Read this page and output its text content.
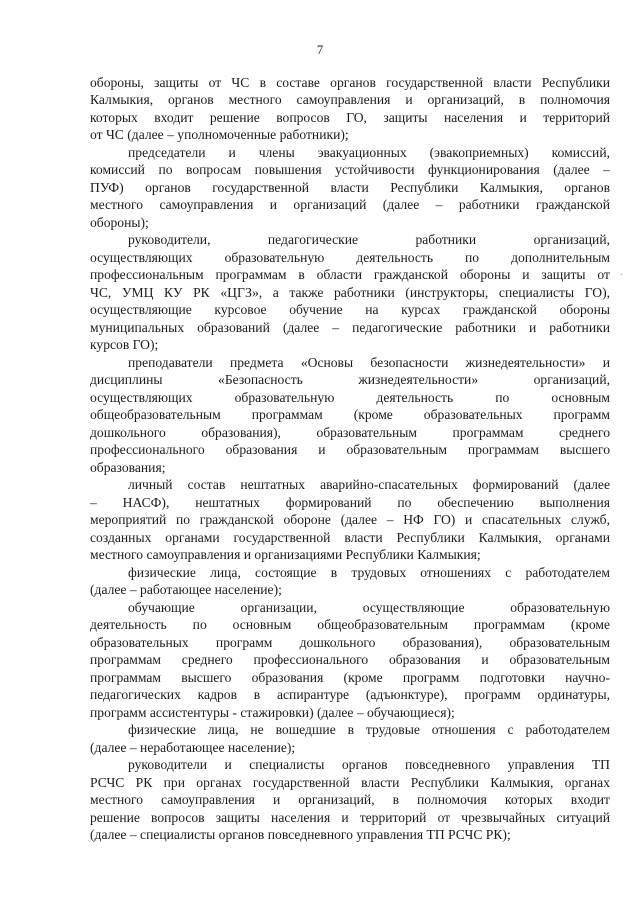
7
.
обороны, защиты от ЧС в составе органов государственной власти Республики
Калмыкия, органов местного самоуправления и организаций, в полномочия
которых входит решение вопросов ГО, защиты населения и территорий
от ЧС (далее – уполномоченные работники);
председатели и члены эвакуационных (эвакоприемных) комиссий,
комиссий по вопросам повышения устойчивости функционирования (далее –
ПУФ) органов государственной власти Республики Калмыкия, органов
местного самоуправления и организаций (далее – работники гражданской
обороны);
руководители, педагогические работники организаций,
осуществляющих образовательную деятельность по дополнительным
профессиональным программам в области гражданской обороны и защиты от
ЧС, УМЦ КУ РК «ЦГЗ», а также работники (инструкторы, специалисты ГО),
осуществляющие курсовое обучение на курсах гражданской обороны
муниципальных образований (далее – педагогические работники и работники
курсов ГО);
преподаватели предмета «Основы безопасности жизнедеятельности» и
дисциплины «Безопасность жизнедеятельности» организаций,
осуществляющих образовательную деятельность по основным
общеобразовательным программам (кроме образовательных программ
дошкольного образования), образовательным программам среднего
профессионального образования и образовательным программам высшего
образования;
личный состав нештатных аварийно-спасательных формирований (далее
– НАСФ), нештатных формирований по обеспечению выполнения
мероприятий по гражданской обороне (далее – НФ ГО) и спасательных служб,
созданных органами государственной власти Республики Калмыкия, органами
местного самоуправления и организациями Республики Калмыкия;
физические лица, состоящие в трудовых отношениях с работодателем
(далее – работающее население);
обучающие организации, осуществляющие образовательную
деятельность по основным общеобразовательным программам (кроме
образовательных программ дошкольного образования), образовательным
программам среднего профессионального образования и образовательным
программам высшего образования (кроме программ подготовки научно-
педагогических кадров в аспирантуре (адъюнктуре), программ ординатуры,
программ ассистентуры - стажировки) (далее – обучающиеся);
физические лица, не вошедшие в трудовые отношения с работодателем
(далее – неработающее население);
руководители и специалисты органов повседневного управления ТП
РСЧС РК при органах государственной власти Республики Калмыкия, органах
местного самоуправления и организаций, в полномочия которых входит
решение вопросов защиты населения и территорий от чрезвычайных ситуаций
(далее – специалисты органов повседневного управления ТП РСЧС РК);
